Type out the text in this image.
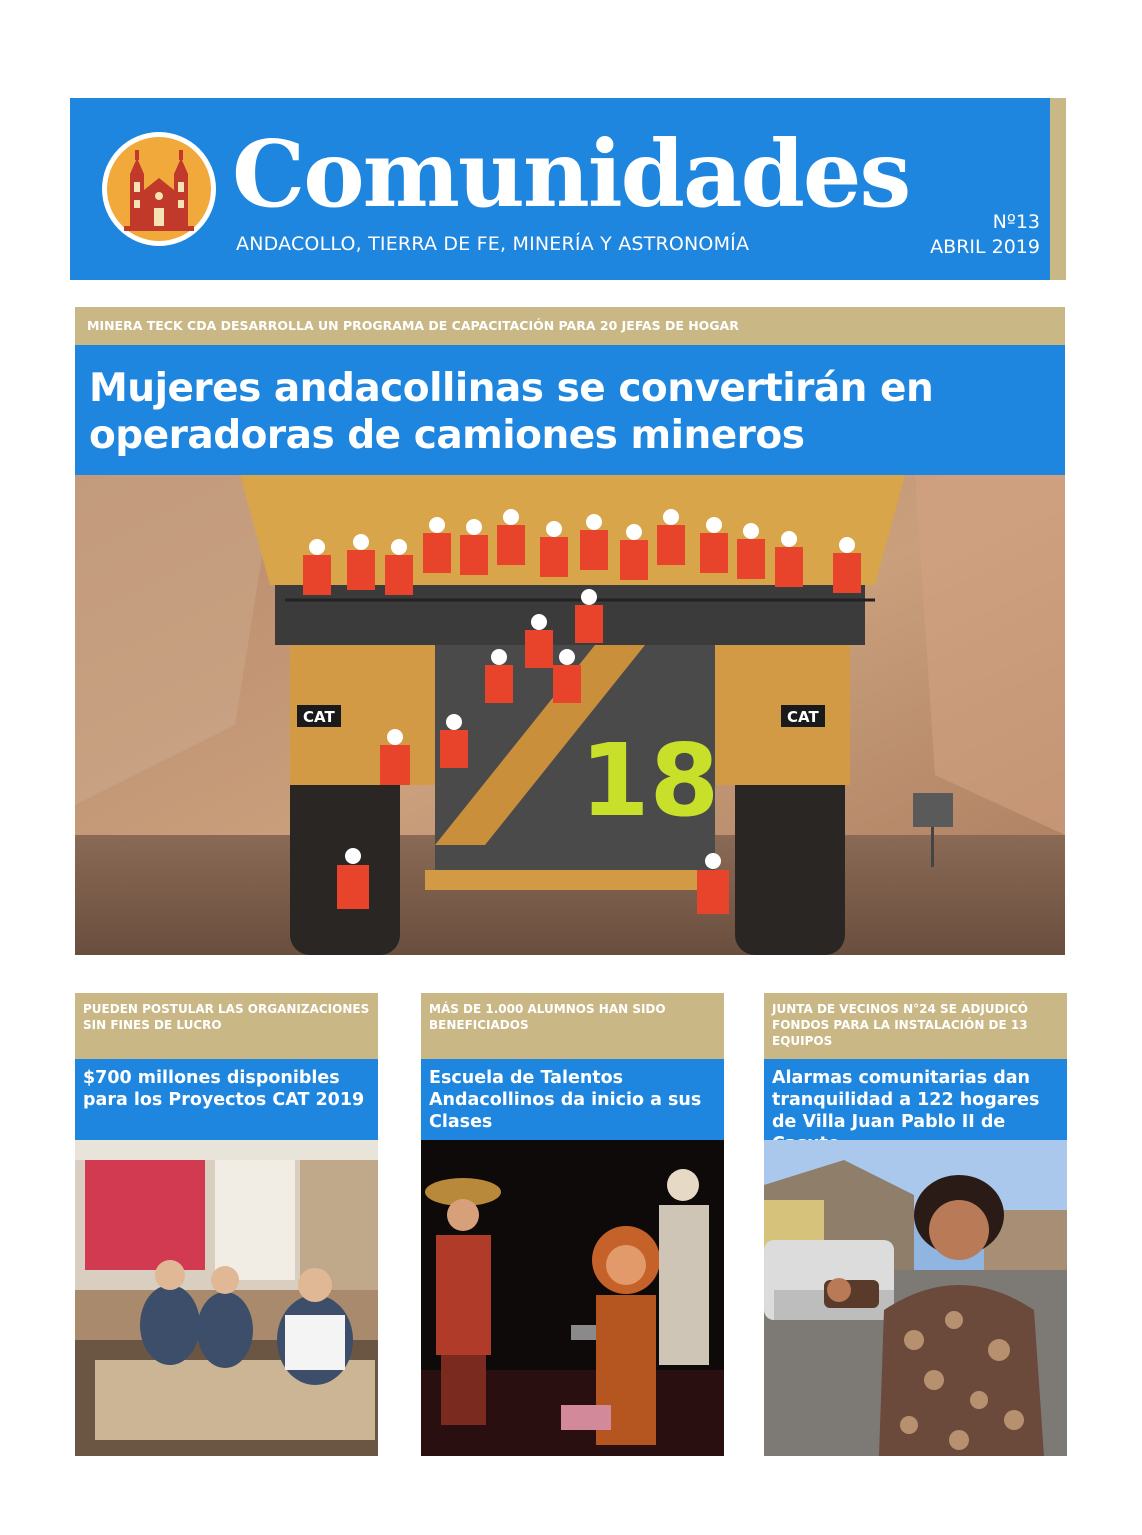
Comunidades
ANDACOLLO, TIERRA DE FE, MINERÍA Y ASTRONOMÍA
Nº13
ABRIL 2019
MINERA TECK CDA DESARROLLA UN PROGRAMA DE CAPACITACIÓN PARA 20 JEFAS DE HOGAR
Mujeres andacollinas se convertirán en
operadoras de camiones mineros
18
CAT	CAT
PUEDEN POSTULAR LAS ORGANIZACIONES SIN FINES DE LUCRO
$700 millones disponibles para los Proyectos CAT 2019
MÁS DE 1.000 ALUMNOS HAN SIDO BENEFICIADOS
Escuela de Talentos Andacollinos da inicio a sus Clases
JUNTA DE VECINOS N°24 SE ADJUDICÓ FONDOS PARA LA INSTALACIÓN DE 13 EQUIPOS
Alarmas comunitarias dan tranquilidad a 122 hogares de Villa Juan Pablo II de
